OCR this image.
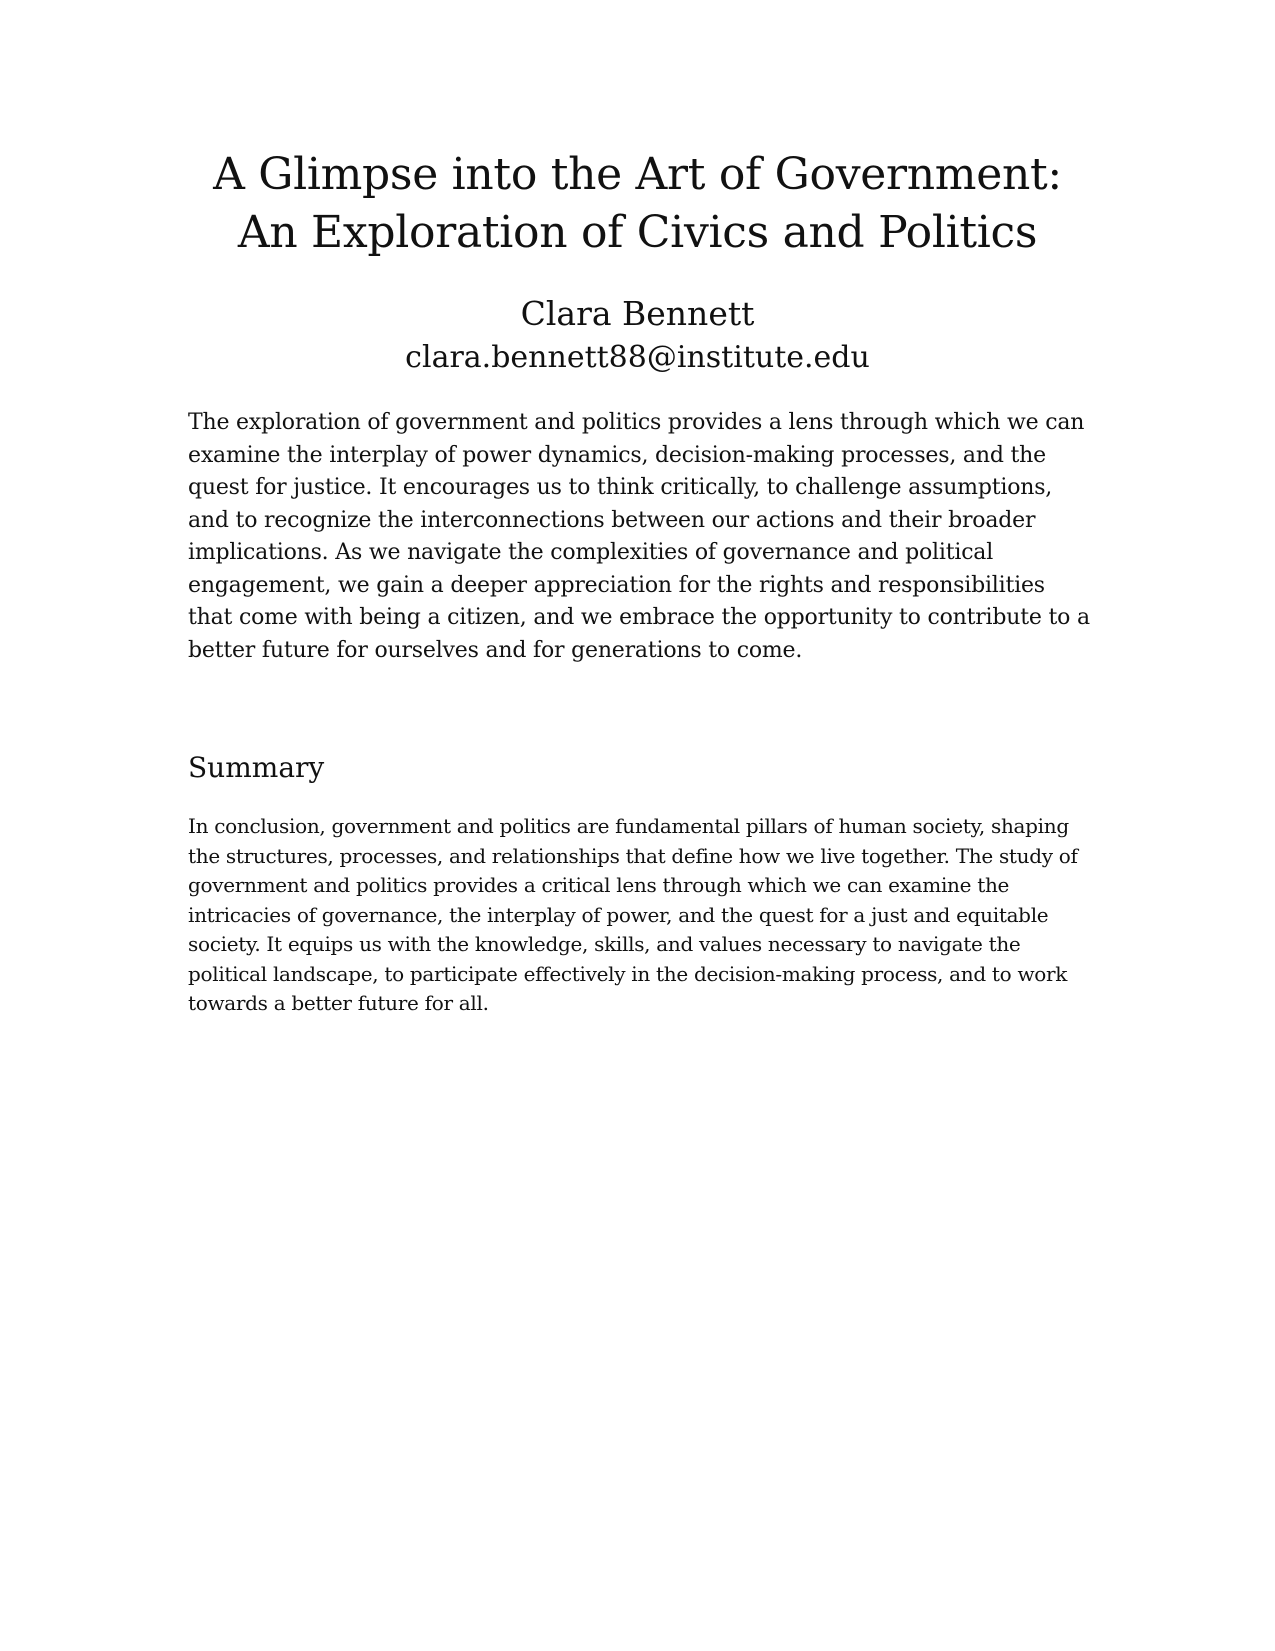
A Glimpse into the Art of Government: An Exploration of Civics and Politics

Clara Bennett

clara.bennett88@institute.edu

The exploration of government and politics provides a lens through which we can examine the interplay of power dynamics, decision-making processes, and the quest for justice. It encourages us to think critically, to challenge assumptions, and to recognize the interconnections between our actions and their broader implications. As we navigate the complexities of governance and political engagement, we gain a deeper appreciation for the rights and responsibilities that come with being a citizen, and we embrace the opportunity to contribute to a better future for ourselves and for generations to come.

Summary

In conclusion, government and politics are fundamental pillars of human society, shaping the structures, processes, and relationships that define how we live together. The study of government and politics provides a critical lens through which we can examine the intricacies of governance, the interplay of power, and the quest for a just and equitable society. It equips us with the knowledge, skills, and values necessary to navigate the political landscape, to participate effectively in the decision-making process, and to work towards a better future for all.
